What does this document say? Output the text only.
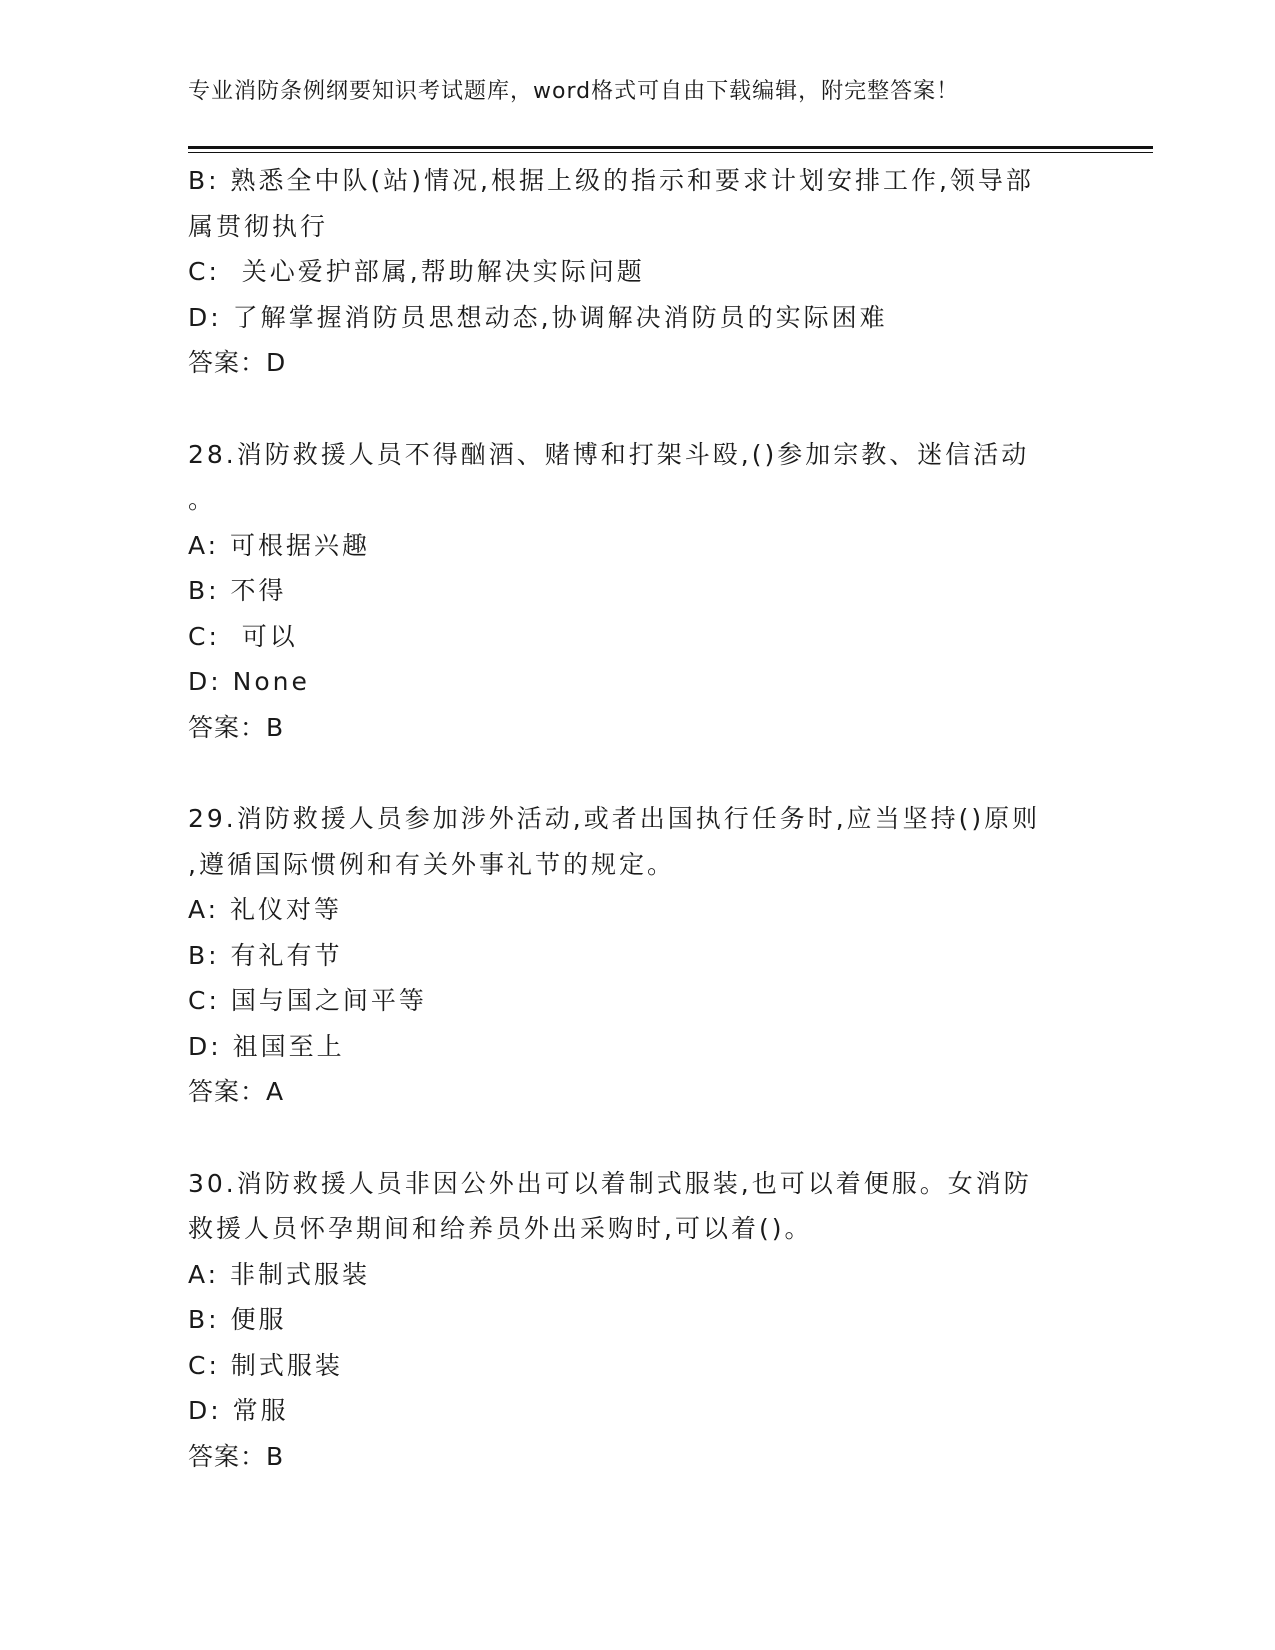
专业消防条例纲要知识考试题库，word格式可自由下载编辑，附完整答案！
B: 熟悉全中队(站)情况,根据上级的指示和要求计划安排工作,领导部
属贯彻执行
C:  关心爱护部属,帮助解决实际问题
D: 了解掌握消防员思想动态,协调解决消防员的实际困难
答案：D
28.消防救援人员不得酗酒、赌博和打架斗殴,()参加宗教、迷信活动
。
A: 可根据兴趣
B: 不得
C:  可以
D: None
答案：B
29.消防救援人员参加涉外活动,或者出国执行任务时,应当坚持()原则
,遵循国际惯例和有关外事礼节的规定。
A: 礼仪对等
B: 有礼有节
C: 国与国之间平等
D: 祖国至上
答案：A
30.消防救援人员非因公外出可以着制式服装,也可以着便服。女消防
救援人员怀孕期间和给养员外出采购时,可以着()。
A: 非制式服装
B: 便服
C: 制式服装
D: 常服
答案：B
